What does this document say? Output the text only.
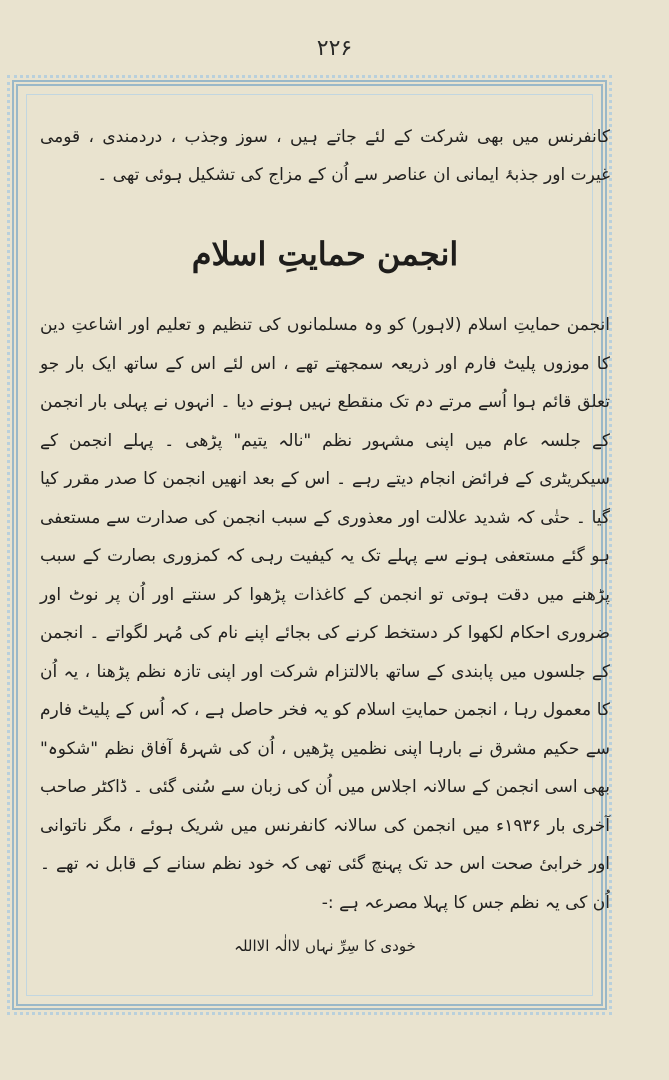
۲۲۶

کانفرنس میں بھی شرکت کے لئے جاتے ہیں ، سوز وجذب ، دردمندی ، قومی غیرت اور جذبۂ ایمانی ان عناصر سے اُن کے مزاج کی تشکیل ہوئی تھی ۔

انجمن حمایتِ اسلام

انجمن حمایتِ اسلام (لاہور) کو وہ مسلمانوں کی تنظیم و تعلیم اور اشاعتِ دین کا موزوں پلیٹ فارم اور ذریعہ سمجھتے تھے ، اس لئے اس کے ساتھ ایک بار جو تعلق قائم ہوا اُسے مرتے دم تک منقطع نہیں ہونے دیا ۔ انہوں نے پہلی بار انجمن کے جلسہ عام میں اپنی مشہور نظم "نالہ یتیم" پڑھی ۔ پہلے انجمن کے سیکریٹری کے فرائض انجام دیتے رہے ۔ اس کے بعد انھیں انجمن کا صدر مقرر کیا گیا ۔ حتٰی کہ شدید علالت اور معذوری کے سبب انجمن کی صدارت سے مستعفی ہو گئے مستعفی ہونے سے پہلے تک یہ کیفیت رہی کہ کمزوری بصارت کے سبب پڑھنے میں دقت ہوتی تو انجمن کے کاغذات پڑھوا کر سنتے اور اُن پر نوٹ اور ضروری احکام لکھوا کر دستخط کرنے کی بجائے اپنے نام کی مُہر لگواتے ۔ انجمن کے جلسوں میں پابندی کے ساتھ بالالتزام شرکت اور اپنی تازہ نظم پڑھنا ، یہ اُن کا معمول رہا ، انجمن حمایتِ اسلام کو یہ فخر حاصل ہے ، کہ اُس کے پلیٹ فارم سے حکیم مشرق نے بارہا اپنی نظمیں پڑھیں ، اُن کی شہرۂ آفاق نظم "شکوہ" بھی اسی انجمن کے سالانہ اجلاس میں اُن کی زبان سے سُنی گئی ۔ ڈاکٹر صاحب آخری بار ۱۹۳۶ء میں انجمن کی سالانہ کانفرنس میں شریک ہوئے ، مگر ناتوانی اور خرابیٔ صحت اس حد تک پہنچ گئی تھی کہ خود نظم سنانے کے قابل نہ تھے ۔ اُن کی یہ نظم جس کا پہلا مصرعہ ہے :-

خودی کا سِرِّ نہاں لاالٰہ الااللہ
